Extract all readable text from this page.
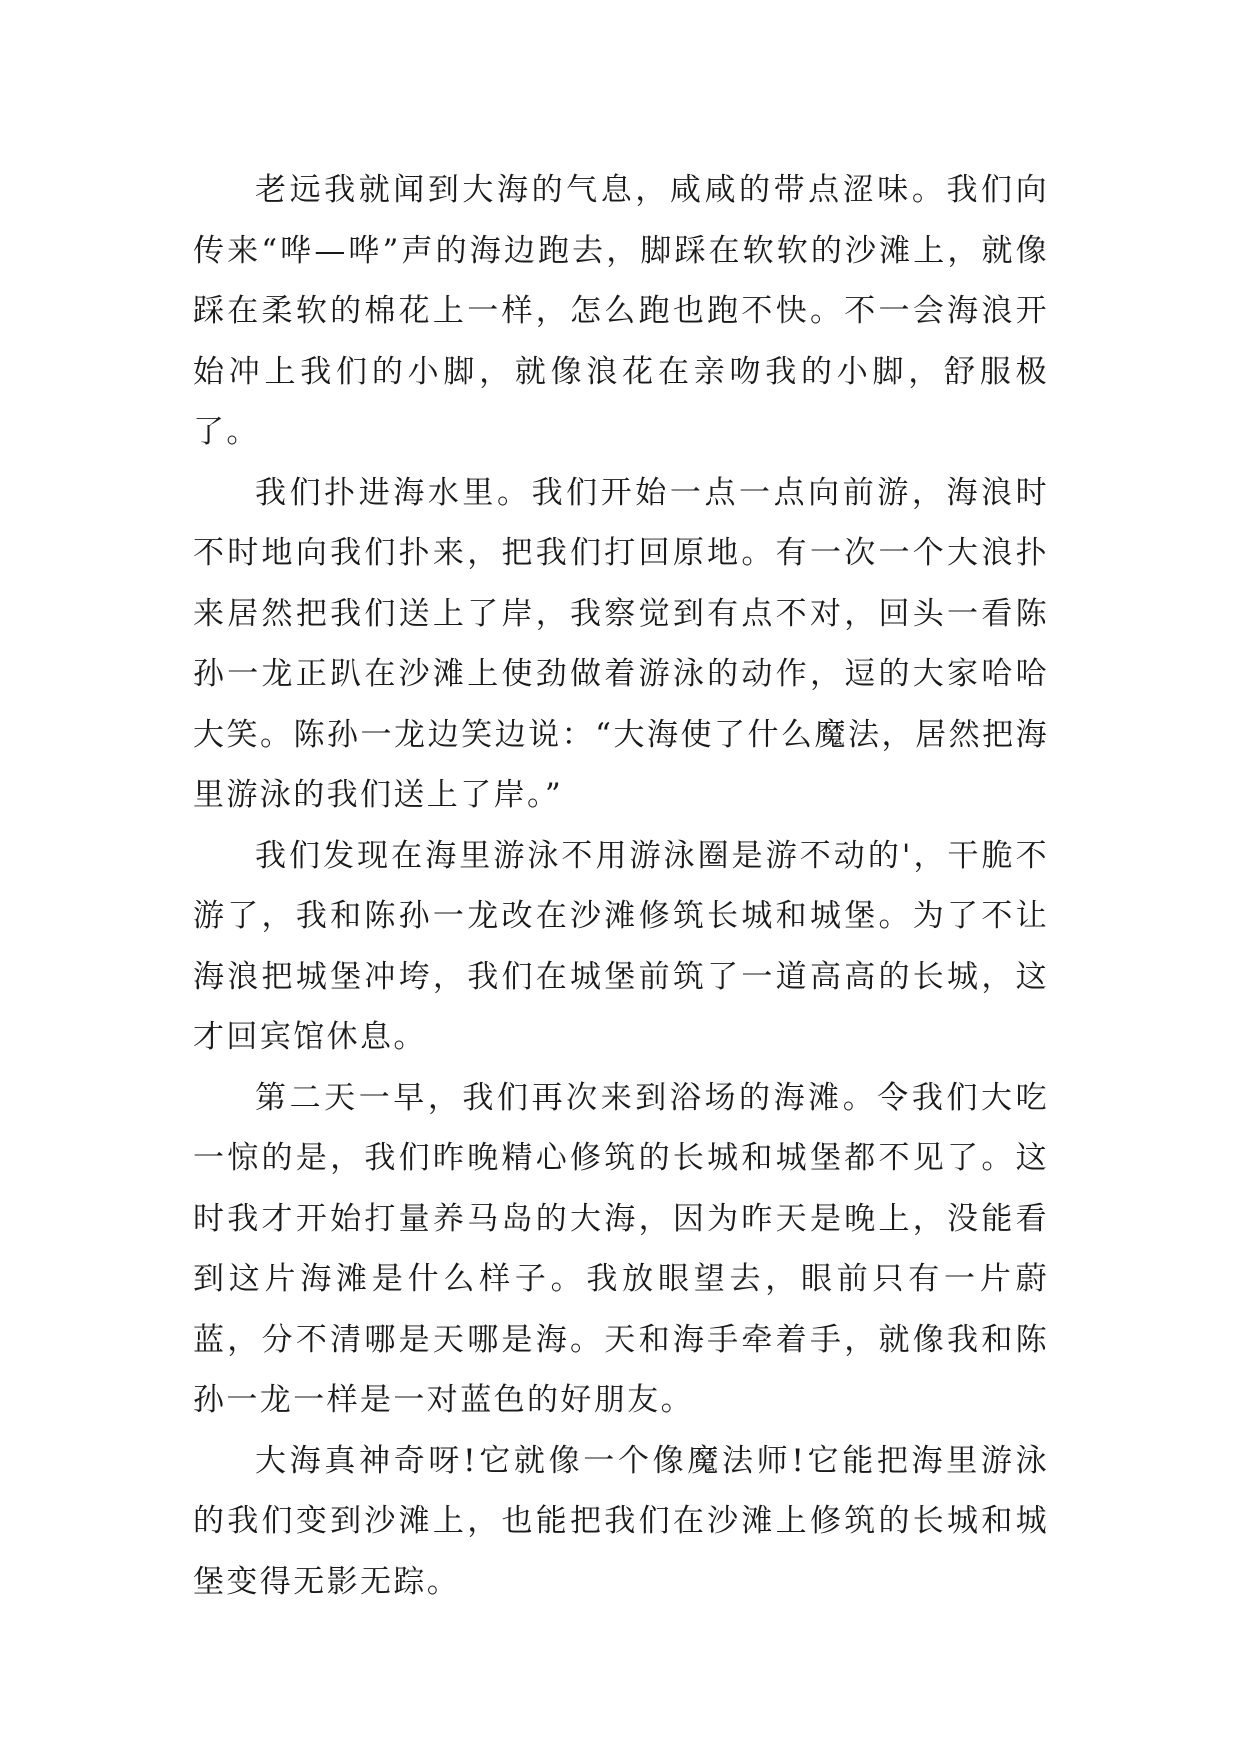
老远我就闻到大海的气息，咸咸的带点涩味。我们向传来“哗—哗”声的海边跑去，脚踩在软软的沙滩上，就像踩在柔软的棉花上一样，怎么跑也跑不快。不一会海浪开始冲上我们的小脚，就像浪花在亲吻我的小脚，舒服极了。

我们扑进海水里。我们开始一点一点向前游，海浪时不时地向我们扑来，把我们打回原地。有一次一个大浪扑来居然把我们送上了岸，我察觉到有点不对，回头一看陈孙一龙正趴在沙滩上使劲做着游泳的动作，逗的大家哈哈大笑。陈孙一龙边笑边说：“大海使了什么魔法，居然把海里游泳的我们送上了岸。”

我们发现在海里游泳不用游泳圈是游不动的'，干脆不游了，我和陈孙一龙改在沙滩修筑长城和城堡。为了不让海浪把城堡冲垮，我们在城堡前筑了一道高高的长城，这才回宾馆休息。

第二天一早，我们再次来到浴场的海滩。令我们大吃一惊的是，我们昨晚精心修筑的长城和城堡都不见了。这时我才开始打量养马岛的大海，因为昨天是晚上，没能看到这片海滩是什么样子。我放眼望去，眼前只有一片蔚蓝，分不清哪是天哪是海。天和海手牵着手，就像我和陈孙一龙一样是一对蓝色的好朋友。

大海真神奇呀!它就像一个像魔法师!它能把海里游泳的我们变到沙滩上，也能把我们在沙滩上修筑的长城和城堡变得无影无踪。
